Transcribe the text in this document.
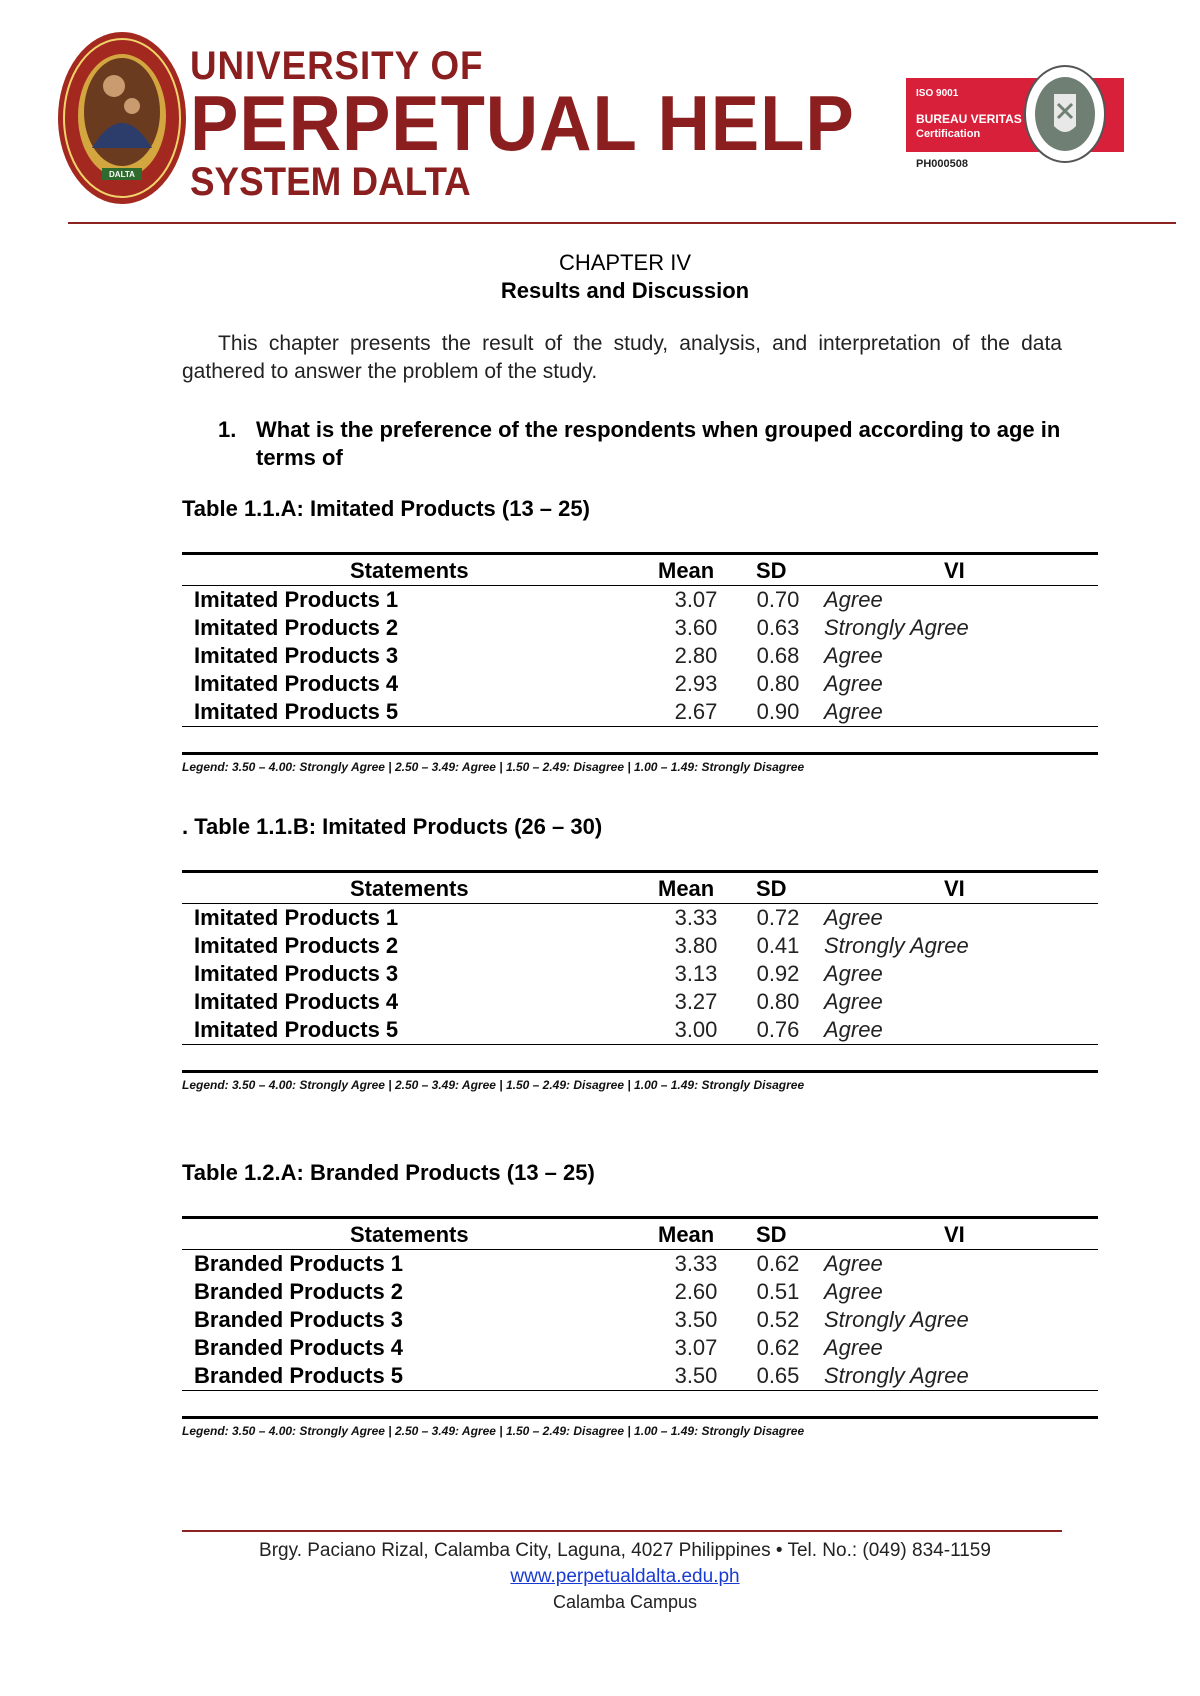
DALTA
UNIVERSITY OF
PERPETUAL HELP
SYSTEM DALTA
ISO 9001
BUREAU VERITAS
Certification
PH000508
CHAPTER IV
Results and Discussion
This chapter presents the result of the study, analysis, and interpretation of the data gathered to answer the problem of the study.
1. What is the preference of the respondents when grouped according to age in terms of
Table 1.1.A: Imitated Products (13 – 25)
Statements	Mean SD	VI
Imitated Products 1	3.07	0.70	Agree
Imitated Products 2	3.60	0.63	Strongly Agree
Imitated Products 3	2.80	0.68	Agree
Imitated Products 4	2.93	0.80	Agree
Imitated Products 5	2.67	0.90	Agree
Legend: 3.50 – 4.00: Strongly Agree | 2.50 – 3.49: Agree | 1.50 – 2.49: Disagree | 1.00 – 1.49: Strongly Disagree
. Table 1.1.B: Imitated Products (26 – 30)
Statements	Mean SD	VI
Imitated Products 1	3.33	0.72	Agree
Imitated Products 2	3.80	0.41	Strongly Agree
Imitated Products 3	3.13	0.92	Agree
Imitated Products 4	3.27	0.80	Agree
Imitated Products 5	3.00	0.76	Agree
Legend: 3.50 – 4.00: Strongly Agree | 2.50 – 3.49: Agree | 1.50 – 2.49: Disagree | 1.00 – 1.49: Strongly Disagree
Table 1.2.A: Branded Products (13 – 25)
Statements	Mean SD	VI
Branded Products 1	3.33	0.62	Agree
Branded Products 2	2.60	0.51	Agree
Branded Products 3	3.50	0.52	Strongly Agree
Branded Products 4	3.07	0.62	Agree
Branded Products 5	3.50	0.65	Strongly Agree
Legend: 3.50 – 4.00: Strongly Agree | 2.50 – 3.49: Agree | 1.50 – 2.49: Disagree | 1.00 – 1.49: Strongly Disagree
Brgy. Paciano Rizal, Calamba City, Laguna, 4027 Philippines • Tel. No.: (049) 834-1159
www.perpetualdalta.edu.ph
Calamba Campus
